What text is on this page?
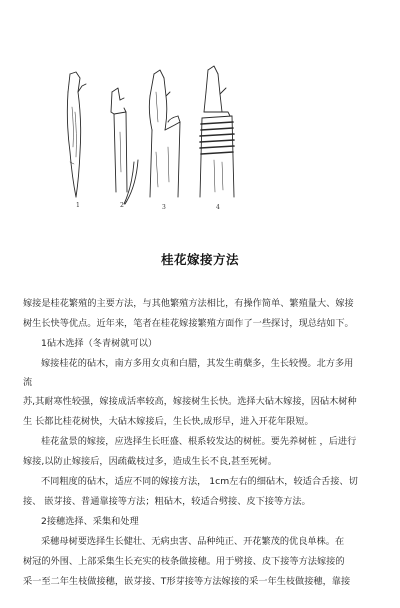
1	2	3	4
桂花嫁接方法
嫁接是桂花繁殖的主要方法，与其他繁殖方法相比，有操作简单、繁殖量大、嫁接
树生长快等优点。近年来，笔者在桂花嫁接繁殖方面作了一些探讨，现总结如下。
1砧木选择（冬青树就可以）
嫁接桂花的砧木，南方多用女贞和白腊，其发生萌蘖多，生长较慢。北方多用
流
苏,其耐寒性较强，嫁接成活率较高，嫁接树生长快。选择大砧木嫁接，因砧木树种
生 长都比桂花树快，大砧木嫁接后，生长快,成形早，进入开花年限短。
桂花盆景的嫁接，应选择生长旺盛、根系较发达的树桩。要先养树桩 ，后进行
嫁接,以防止嫁接后，因疏截枝过多，造成生长不良,甚至死树。
不同粗度的砧木，适应不同的嫁接方法， 1cm左右的细砧木，较适合舌接、切
接、 嵌芽接、普通靠接等方法；粗砧木，较适合劈接、皮下接等方法。
2接穗选择、采集和处理
采穗母树要选择生长健壮、无病虫害、品种纯正、开花繁茂的优良单株。在
树冠的外围、上部采集生长充实的枝条做接穗。用于劈接、皮下接等方法嫁接的
采一至二年生枝做接穗，嵌芽接、T形芽接等方法嫁接的采一年生枝做接穗，靠接
